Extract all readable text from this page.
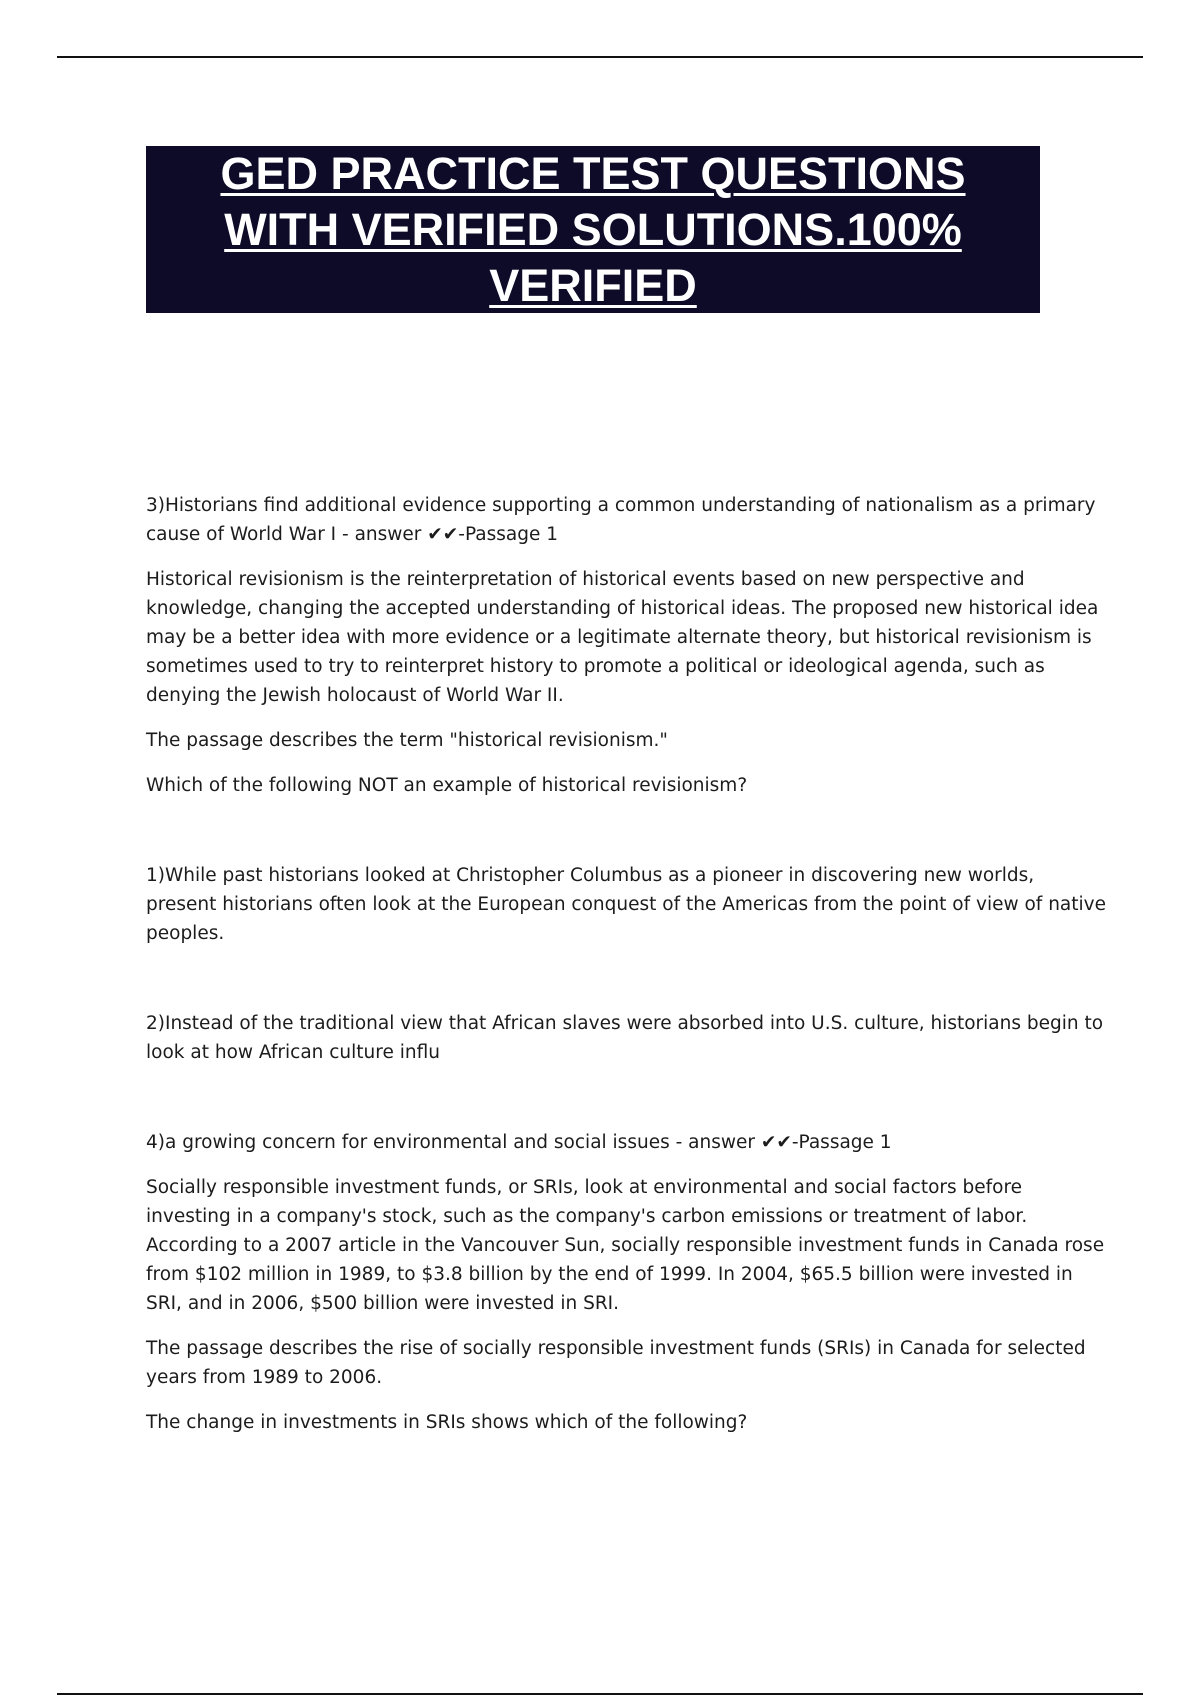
GED PRACTICE TEST QUESTIONS
WITH VERIFIED SOLUTIONS.100%
VERIFIED

3)Historians find additional evidence supporting a common understanding of nationalism as a primary cause of World War I - answer ✔✔-Passage 1

Historical revisionism is the reinterpretation of historical events based on new perspective and knowledge, changing the accepted understanding of historical ideas. The proposed new historical idea may be a better idea with more evidence or a legitimate alternate theory, but historical revisionism is sometimes used to try to reinterpret history to promote a political or ideological agenda, such as denying the Jewish holocaust of World War II.

The passage describes the term "historical revisionism."

Which of the following NOT an example of historical revisionism?

1)While past historians looked at Christopher Columbus as a pioneer in discovering new worlds, present historians often look at the European conquest of the Americas from the point of view of native peoples.

2)Instead of the traditional view that African slaves were absorbed into U.S. culture, historians begin to look at how African culture influ

4)a growing concern for environmental and social issues - answer ✔✔-Passage 1

Socially responsible investment funds, or SRIs, look at environmental and social factors before investing in a company's stock, such as the company's carbon emissions or treatment of labor. According to a 2007 article in the Vancouver Sun, socially responsible investment funds in Canada rose from $102 million in 1989, to $3.8 billion by the end of 1999. In 2004, $65.5 billion were invested in SRI, and in 2006, $500 billion were invested in SRI.

The passage describes the rise of socially responsible investment funds (SRIs) in Canada for selected years from 1989 to 2006.

The change in investments in SRIs shows which of the following?
